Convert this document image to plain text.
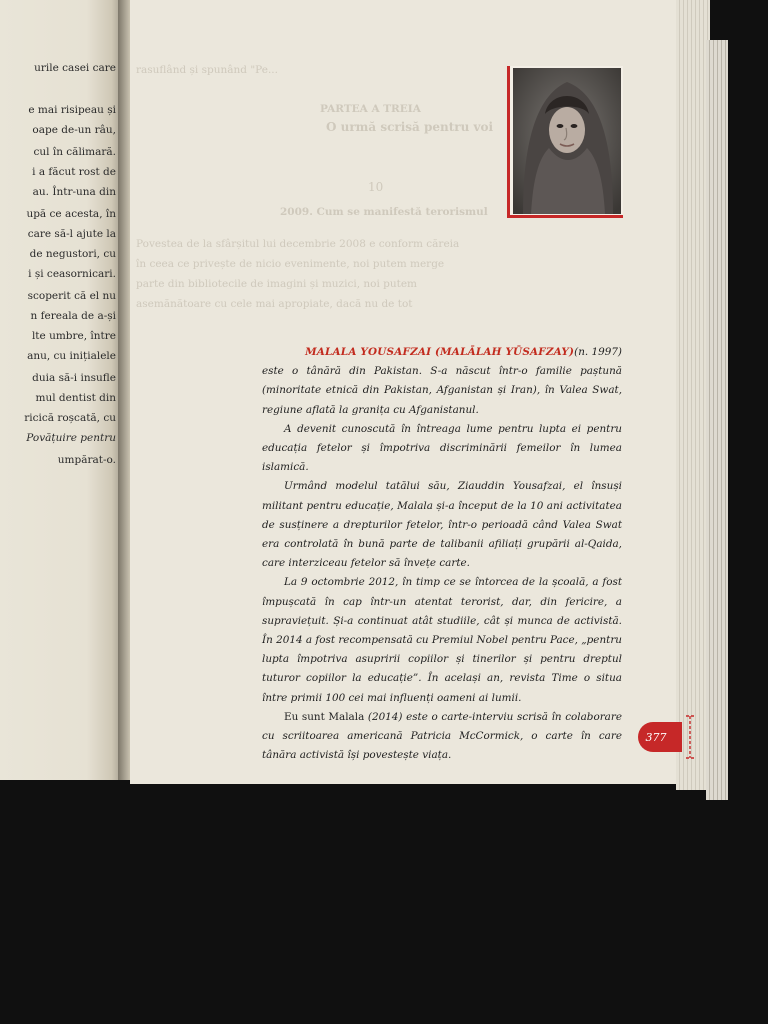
urile casei care
e mai risipeau și
oape de-un râu,
cul în călimară.
i a făcut rost de
au. Într-una din
upă ce acesta, în
care să-l ajute la
de negustori, cu
i și ceasornicari.
scoperit că el nu
n fereala de a-și
lte umbre, între
anu, cu inițialele
duia să-i insufle
mul dentist din
ricică roșcată, cu
Povățuire pentru
umpărat-o.
rasuflând și spunând "Pe...
PARTEA A TREIA
O urmă scrisă pentru voi
10
2009. Cum se manifestă terorismul
Povestea de la sfârșitul lui decembrie 2008 e conform căreia
în ceea ce privește de nicio evenimente, noi putem merge
parte din bibliotecile de imagini și muzici, noi putem
asemănătoare cu cele mai apropiate, dacă nu de tot

MALALA YOUSAFZAI (MALĀLAH YŪSAFZAY)(n. 1997)

este o tânără din Pakistan. S-a născut într-o familie paștună (minoritate etnică din Pakistan, Afganistan și Iran), în Valea Swat, regiune aflată la granița cu Afganistanul.

A devenit cunoscută în întreaga lume pentru lupta ei pentru educația fetelor și împotriva discriminării femeilor în lumea islamică.

Urmând modelul tatălui său, Ziauddin Yousafzai, el însuși militant pentru educație, Malala și-a început de la 10 ani activitatea de susținere a drepturilor fetelor, într-o perioadă când Valea Swat era controlată în bună parte de talibanii afiliați grupării al-Qaida, care interziceau fetelor să învețe carte.

La 9 octombrie 2012, în timp ce se întorcea de la școală, a fost împușcată în cap într-un atentat terorist, dar, din fericire, a supraviețuit. Și-a continuat atât studiile, cât și munca de activistă. În 2014 a fost recompensată cu Premiul Nobel pentru Pace, „pentru lupta împotriva asupririi copiilor și tinerilor și pentru dreptul tuturor copiilor la educație”. În același an, revista Time o situa între primii 100 cei mai influenți oameni ai lumii.

Eu sunt Malala (2014) este o carte-interviu scrisă în colaborare cu scriitoarea americană Patricia McCormick, o carte în care tânăra activistă își povestește viața.

377
